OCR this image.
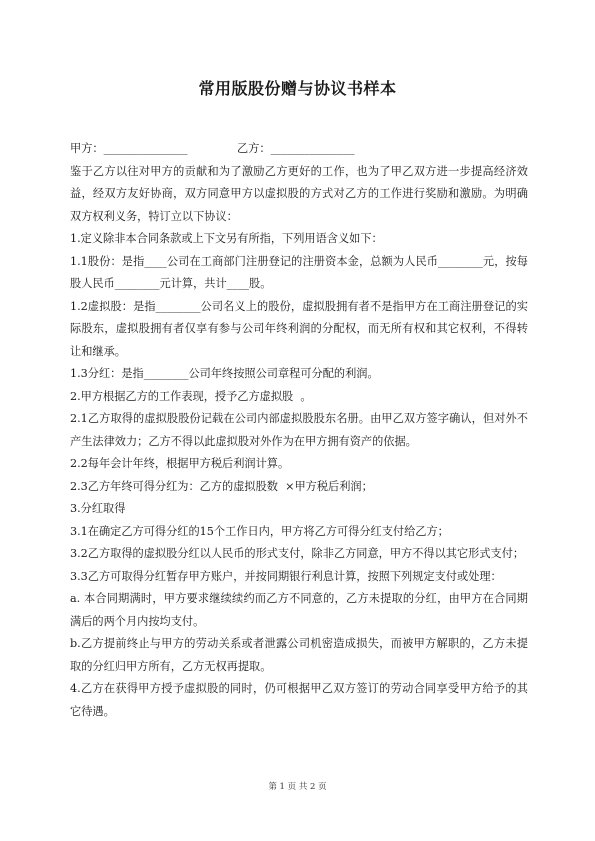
常用版股份赠与协议书样本
甲方：_______________	乙方：_______________

鉴于乙方以往对甲方的贡献和为了激励乙方更好的工作，也为了甲乙双方进一步提高经济效益，经双方友好协商，双方同意甲方以虚拟股的方式对乙方的工作进行奖励和激励。为明确双方权利义务，特订立以下协议：

1.定义除非本合同条款或上下文另有所指，下列用语含义如下：

1.1股份：是指____公司在工商部门注册登记的注册资本金，总额为人民币________元，按每股人民币________元计算，共计____股。

1.2虚拟股：是指________公司名义上的股份，虚拟股拥有者不是指甲方在工商注册登记的实际股东，虚拟股拥有者仅享有参与公司年终利润的分配权，而无所有权和其它权利，不得转让和继承。

1.3分红：是指________公司年终按照公司章程可分配的利润。

2.甲方根据乙方的工作表现，授予乙方虚拟股  。

2.1乙方取得的虚拟股股份记载在公司内部虚拟股股东名册。由甲乙双方签字确认，但对外不产生法律效力；乙方不得以此虚拟股对外作为在甲方拥有资产的依据。

2.2每年会计年终，根据甲方税后利润计算。

2.3乙方年终可得分红为：乙方的虚拟股数  ×甲方税后利润；

3.分红取得

3.1在确定乙方可得分红的15个工作日内，甲方将乙方可得分红支付给乙方；

3.2乙方取得的虚拟股分红以人民币的形式支付，除非乙方同意，甲方不得以其它形式支付；

3.3乙方可取得分红暂存甲方账户，并按同期银行利息计算，按照下列规定支付或处理：

a. 本合同期满时，甲方要求继续续约而乙方不同意的，乙方未提取的分红，由甲方在合同期满后的两个月内按均支付。

b.乙方提前终止与甲方的劳动关系或者泄露公司机密造成损失，而被甲方解职的，乙方未提取的分红归甲方所有，乙方无权再提取。

4.乙方在获得甲方授予虚拟股的同时，仍可根据甲乙双方签订的劳动合同享受甲方给予的其它待遇。

第 1 页 共 2 页
